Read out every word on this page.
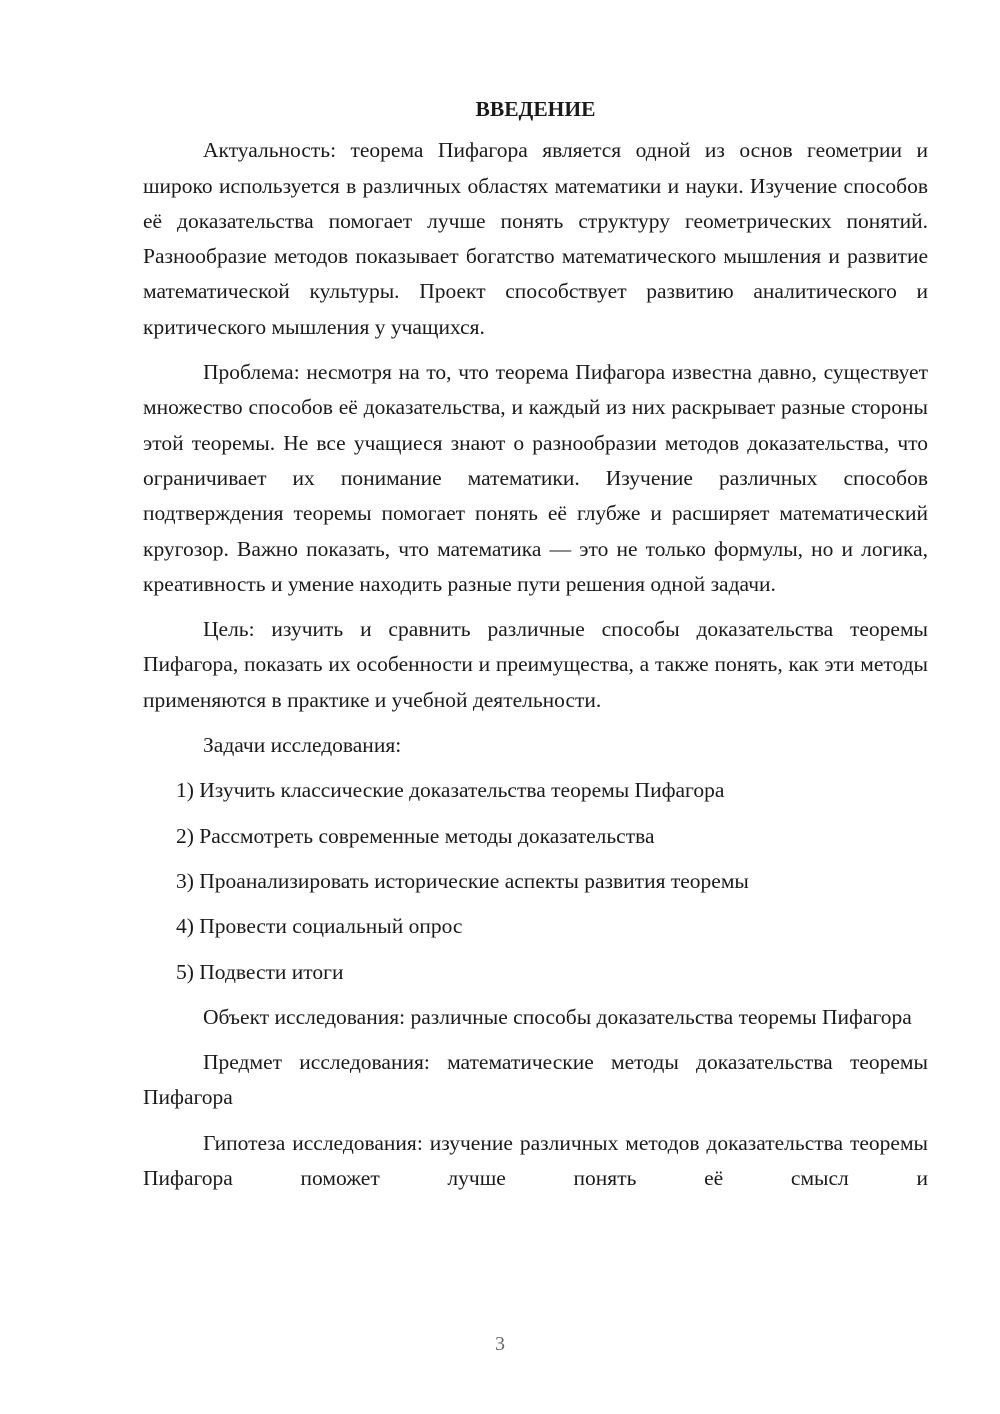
ВВЕДЕНИЕ

Актуальность: теорема Пифагора является одной из основ геометрии и широко используется в различных областях математики и науки. Изучение способов её доказательства помогает лучше понять структуру геометрических понятий. Разнообразие методов показывает богатство математического мышления и развитие математической культуры. Проект способствует развитию аналитического и критического мышления у учащихся.

Проблема: несмотря на то, что теорема Пифагора известна давно, существует множество способов её доказательства, и каждый из них раскрывает разные стороны этой теоремы. Не все учащиеся знают о разнообразии методов доказательства, что ограничивает их понимание математики. Изучение различных способов подтверждения теоремы помогает понять её глубже и расширяет математический кругозор. Важно показать, что математика — это не только формулы, но и логика, креативность и умение находить разные пути решения одной задачи.

Цель: изучить и сравнить различные способы доказательства теоремы Пифагора, показать их особенности и преимущества, а также понять, как эти методы применяются в практике и учебной деятельности.

Задачи исследования:

1) Изучить классические доказательства теоремы Пифагора
2) Рассмотреть современные методы доказательства
3) Проанализировать исторические аспекты развития теоремы
4) Провести социальный опрос
5) Подвести итоги

Объект исследования: различные способы доказательства теоремы Пифагора

Предмет исследования: математические методы доказательства теоремы Пифагора

Гипотеза исследования: изучение различных методов доказательства теоремы Пифагора поможет лучше понять её смысл и

3
